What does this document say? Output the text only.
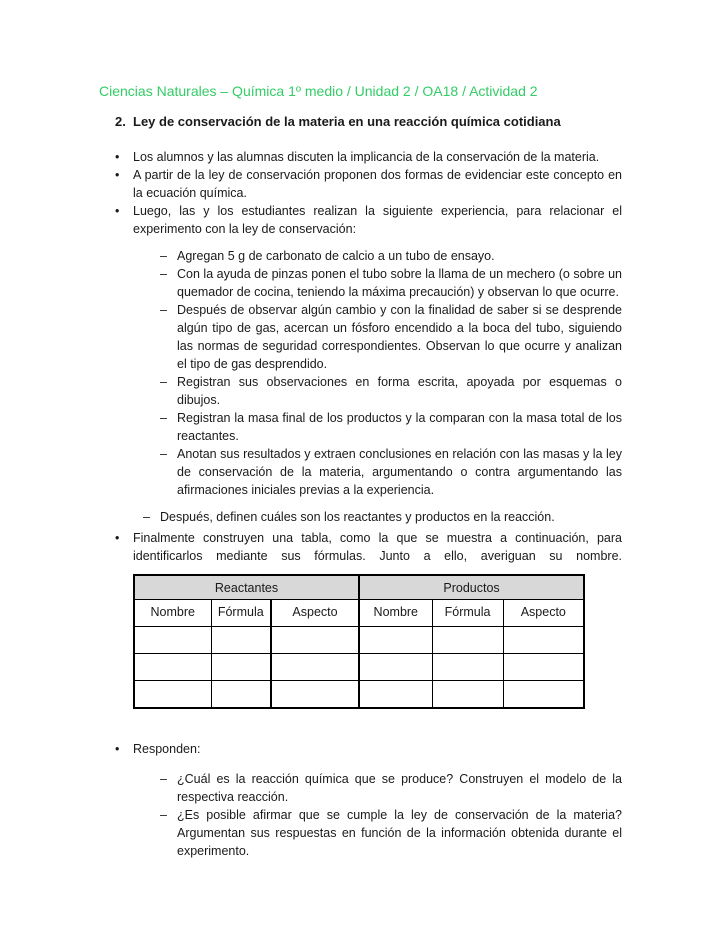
Ciencias Naturales – Química 1º medio / Unidad 2 / OA18 / Actividad 2
2. Ley de conservación de la materia en una reacción química cotidiana
•
Los alumnos y las alumnas discuten la implicancia de la conservación de la materia.
•
A partir de la ley de conservación proponen dos formas de evidenciar este concepto en la ecuación química.
•
Luego, las y los estudiantes realizan la siguiente experiencia, para relacionar el experimento con la ley de conservación:
–
Agregan 5 g de carbonato de calcio a un tubo de ensayo.
–
Con la ayuda de pinzas ponen el tubo sobre la llama de un mechero (o sobre un quemador de cocina, teniendo la máxima precaución) y observan lo que ocurre.
–
Después de observar algún cambio y con la finalidad de saber si se desprende algún tipo de gas, acercan un fósforo encendido a la boca del tubo, siguiendo las normas de seguridad correspondientes. Observan lo que ocurre y analizan el tipo de gas desprendido.
–
Registran sus observaciones en forma escrita, apoyada por esquemas o dibujos.
–
Registran la masa final de los productos y la comparan con la masa total de los reactantes.
–
Anotan sus resultados y extraen conclusiones en relación con las masas y la ley de conservación de la materia, argumentando o contra argumentando las afirmaciones iniciales previas a la experiencia.
–
Después, definen cuáles son los reactantes y productos en la reacción.
•
Finalmente construyen una tabla, como la que se muestra a continuación, para identificarlos mediante sus fórmulas. Junto a ello, averiguan su nombre.
Reactantes			Productos		
Nombre	Fórmula	Aspecto	Nombre	Fórmula	Aspecto

•
Responden:
–
¿Cuál es la reacción química que se produce? Construyen el modelo de la respectiva reacción.
–
¿Es posible afirmar que se cumple la ley de conservación de la materia? Argumentan sus respuestas en función de la información obtenida durante el experimento.
